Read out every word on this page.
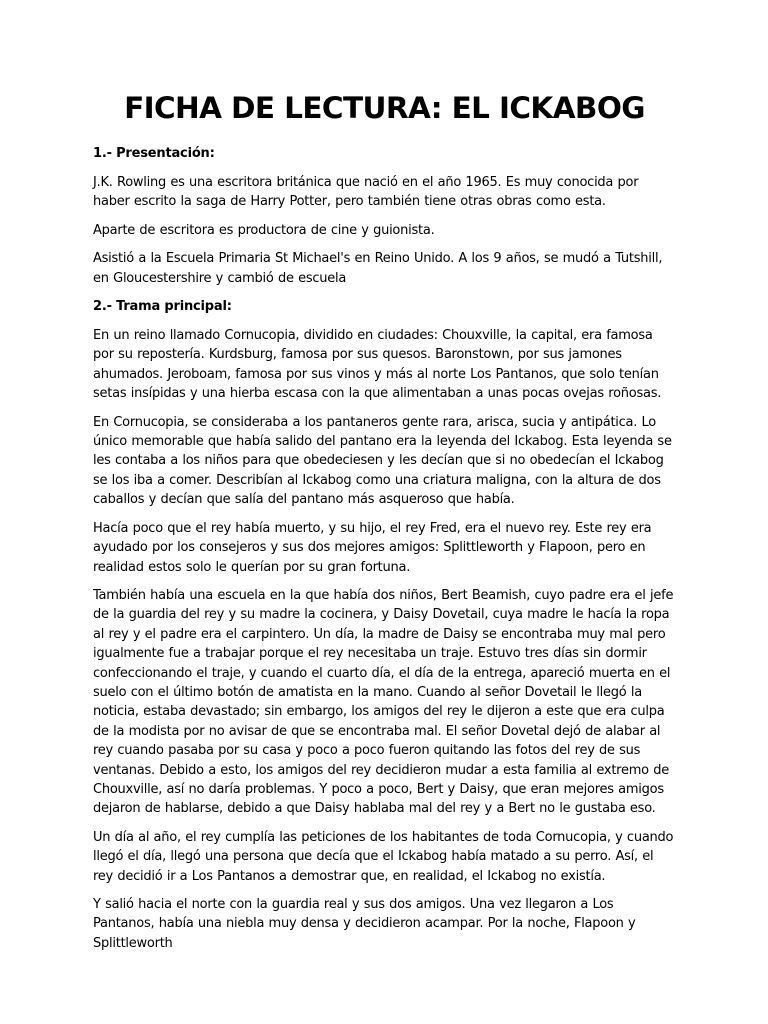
FICHA DE LECTURA: EL ICKABOG
1.- Presentación:

J.K. Rowling es una escritora británica que nació en el año 1965. Es muy conocida por haber escrito la saga de Harry Potter, pero también tiene otras obras como esta.

Aparte de escritora es productora de cine y guionista.

Asistió a la Escuela Primaria St Michael's en Reino Unido. A los 9 años, se mudó a Tutshill, en Gloucestershire y cambió de escuela

2.- Trama principal:

En un reino llamado Cornucopia, dividido en ciudades: Chouxville, la capital, era famosa por su repostería. Kurdsburg, famosa por sus quesos. Baronstown, por sus jamones ahumados. Jeroboam, famosa por sus vinos y más al norte Los Pantanos, que solo tenían setas insípidas y una hierba escasa con la que alimentaban a unas pocas ovejas roñosas.

En Cornucopia, se consideraba a los pantaneros gente rara, arisca, sucia y antipática. Lo único memorable que había salido del pantano era la leyenda del Ickabog. Esta leyenda se les contaba a los niños para que obedeciesen y les decían que si no obedecían el Ickabog se los iba a comer. Describían al Ickabog como una criatura maligna, con la altura de dos caballos y decían que salía del pantano más asqueroso que había.

Hacía poco que el rey había muerto, y su hijo, el rey Fred, era el nuevo rey. Este rey era ayudado por los consejeros y sus dos mejores amigos: Splittleworth y Flapoon, pero en realidad estos solo le querían por su gran fortuna.

También había una escuela en la que había dos niños, Bert Beamish, cuyo padre era el jefe de la guardia del rey y su madre la cocinera, y Daisy Dovetail, cuya madre le hacía la ropa al rey y el padre era el carpintero. Un día, la madre de Daisy se encontraba muy mal pero igualmente fue a trabajar porque el rey necesitaba un traje. Estuvo tres días sin dormir confeccionando el traje, y cuando el cuarto día, el día de la entrega, apareció muerta en el suelo con el último botón de amatista en la mano. Cuando al señor Dovetail le llegó la noticia, estaba devastado; sin embargo, los amigos del rey le dijeron a este que era culpa de la modista por no avisar de que se encontraba mal. El señor Dovetal dejó de alabar al rey cuando pasaba por su casa y poco a poco fueron quitando las fotos del rey de sus ventanas. Debido a esto, los amigos del rey decidieron mudar a esta familia al extremo de Chouxville, así no daría problemas. Y poco a poco, Bert y Daisy, que eran mejores amigos dejaron de hablarse, debido a que Daisy hablaba mal del rey y a Bert no le gustaba eso.

Un día al año, el rey cumplía las peticiones de los habitantes de toda Cornucopia, y cuando llegó el día, llegó una persona que decía que el Ickabog había matado a su perro. Así, el rey decidió ir a Los Pantanos a demostrar que, en realidad, el Ickabog no existía.

Y salió hacia el norte con la guardia real y sus dos amigos. Una vez llegaron a Los Pantanos, había una niebla muy densa y decidieron acampar. Por la noche, Flapoon y Splittleworth
